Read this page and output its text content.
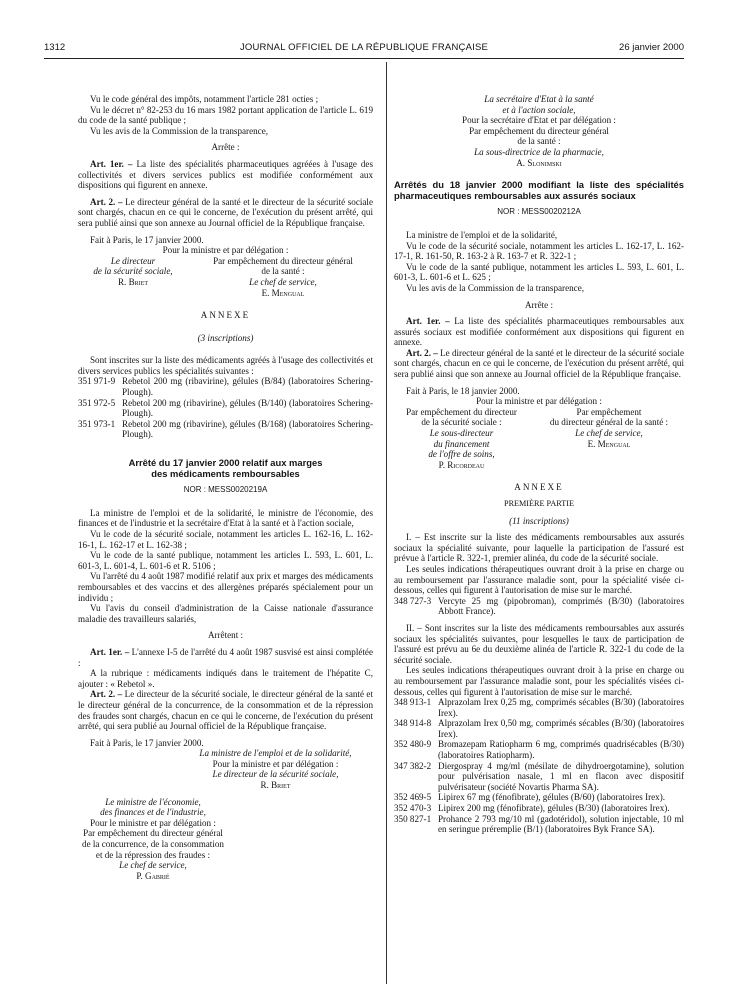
1312	JOURNAL OFFICIEL DE LA RÉPUBLIQUE FRANÇAISE	26 janvier 2000

Vu le code général des impôts, notamment l'article 281 octies ;

Vu le décret n° 82-253 du 16 mars 1982 portant application de l'article L. 619 du code de la santé publique ;

Vu les avis de la Commission de la transparence,

Arrête :

Art. 1er. – La liste des spécialités pharmaceutiques agréées à l'usage des collectivités et divers services publics est modifiée conformément aux dispositions qui figurent en annexe.

Art. 2. – Le directeur général de la santé et le directeur de la sécurité sociale sont chargés, chacun en ce qui le concerne, de l'exécution du présent arrêté, qui sera publié ainsi que son annexe au Journal officiel de la République française.

Fait à Paris, le 17 janvier 2000.

Pour la ministre et par délégation :

Le directeur
de la sécurité sociale,
R. Briet
Par empêchement du directeur général
de la santé :
Le chef de service,
E. Mengual

ANNEXE

(3 inscriptions)

Sont inscrites sur la liste des médicaments agréés à l'usage des collectivités et divers services publics les spécialités suivantes :

351 971-9 Rebetol 200 mg (ribavirine), gélules (B/84) (laboratoires Schering-Plough).
351 972-5 Rebetol 200 mg (ribavirine), gélules (B/140) (laboratoires Schering-Plough).
351 973-1 Rebetol 200 mg (ribavirine), gélules (B/168) (laboratoires Schering-Plough).
Arrêté du 17 janvier 2000 relatif aux marges
des médicaments remboursables

NOR : MESS0020219A

La ministre de l'emploi et de la solidarité, le ministre de l'économie, des finances et de l'industrie et la secrétaire d'Etat à la santé et à l'action sociale,

Vu le code de la sécurité sociale, notamment les articles L. 162-16, L. 162-16-1, L. 162-17 et L. 162-38 ;

Vu le code de la santé publique, notamment les articles L. 593, L. 601, L. 601-3, L. 601-4, L. 601-6 et R. 5106 ;

Vu l'arrêté du 4 août 1987 modifié relatif aux prix et marges des médicaments remboursables et des vaccins et des allergènes préparés spécialement pour un individu ;

Vu l'avis du conseil d'administration de la Caisse nationale d'assurance maladie des travailleurs salariés,

Arrêtent :

Art. 1er. – L'annexe I-5 de l'arrêté du 4 août 1987 susvisé est ainsi complétée :

A la rubrique : médicaments indiqués dans le traitement de l'hépatite C, ajouter : « Rebetol ».

Art. 2. – Le directeur de la sécurité sociale, le directeur général de la santé et le directeur général de la concurrence, de la consommation et de la répression des fraudes sont chargés, chacun en ce qui le concerne, de l'exécution du présent arrêté, qui sera publié au Journal officiel de la République française.

Fait à Paris, le 17 janvier 2000.

La ministre de l'emploi et de la solidarité,
Pour la ministre et par délégation :
Le directeur de la sécurité sociale,
R. Briet
Le ministre de l'économie,
des finances et de l'industrie,
Pour le ministre et par délégation :
Par empêchement du directeur général
de la concurrence, de la consommation
et de la répression des fraudes :
Le chef de service,
P. Gabrié
La secrétaire d'Etat à la santé
et à l'action sociale,
Pour la secrétaire d'Etat et par délégation :
Par empêchement du directeur général
de la santé :
La sous-directrice de la pharmacie,
A. Slonimski
Arrêtés du 18 janvier 2000 modifiant la liste des spécialités pharmaceutiques remboursables aux assurés sociaux

NOR : MESS0020212A

La ministre de l'emploi et de la solidarité,

Vu le code de la sécurité sociale, notamment les articles L. 162-17, L. 162-17-1, R. 161-50, R. 163-2 à R. 163-7 et R. 322-1 ;

Vu le code de la santé publique, notamment les articles L. 593, L. 601, L. 601-3, L. 601-6 et L. 625 ;

Vu les avis de la Commission de la transparence,

Arrête :

Art. 1er. – La liste des spécialités pharmaceutiques remboursables aux assurés sociaux est modifiée conformément aux dispositions qui figurent en annexe.

Art. 2. – Le directeur général de la santé et le directeur de la sécurité sociale sont chargés, chacun en ce qui le concerne, de l'exécution du présent arrêté, qui sera publié ainsi que son annexe au Journal officiel de la République française.

Fait à Paris, le 18 janvier 2000.

Pour la ministre et par délégation :

Par empêchement du directeur
de la sécurité sociale :
Le sous-directeur
du financement
de l'offre de soins,
P. Ricordeau
Par empêchement
du directeur général de la santé :
Le chef de service,
E. Mengual

ANNEXE

PREMIÈRE PARTIE

(11 inscriptions)

I. – Est inscrite sur la liste des médicaments remboursables aux assurés sociaux la spécialité suivante, pour laquelle la participation de l'assuré est prévue à l'article R. 322-1, premier alinéa, du code de la sécurité sociale.

Les seules indications thérapeutiques ouvrant droit à la prise en charge ou au remboursement par l'assurance maladie sont, pour la spécialité visée ci-dessous, celles qui figurent à l'autorisation de mise sur le marché.

348 727-3 Vercyte 25 mg (pipobroman), comprimés (B/30) (laboratoires Abbott France).

II. – Sont inscrites sur la liste des médicaments remboursables aux assurés sociaux les spécialités suivantes, pour lesquelles le taux de participation de l'assuré est prévu au 6e du deuxième alinéa de l'article R. 322-1 du code de la sécurité sociale.

Les seules indications thérapeutiques ouvrant droit à la prise en charge ou au remboursement par l'assurance maladie sont, pour les spécialités visées ci-dessous, celles qui figurent à l'autorisation de mise sur le marché.

348 913-1 Alprazolam Irex 0,25 mg, comprimés sécables (B/30) (laboratoires Irex).
348 914-8 Alprazolam Irex 0,50 mg, comprimés sécables (B/30) (laboratoires Irex).
352 480-9 Bromazepam Ratiopharm 6 mg, comprimés quadrisécables (B/30) (laboratoires Ratiopharm).
347 382-2 Diergospray 4 mg/ml (mésilate de dihydroergotamine), solution pour pulvérisation nasale, 1 ml en flacon avec dispositif pulvérisateur (société Novartis Pharma SA).
352 469-5 Lipirex 67 mg (fénofibrate), gélules (B/60) (laboratoires Irex).
352 470-3 Lipirex 200 mg (fénofibrate), gélules (B/30) (laboratoires Irex).
350 827-1 Prohance 2 793 mg/10 ml (gadotéridol), solution injectable, 10 ml en seringue préremplie (B/1) (laboratoires Byk France SA).
